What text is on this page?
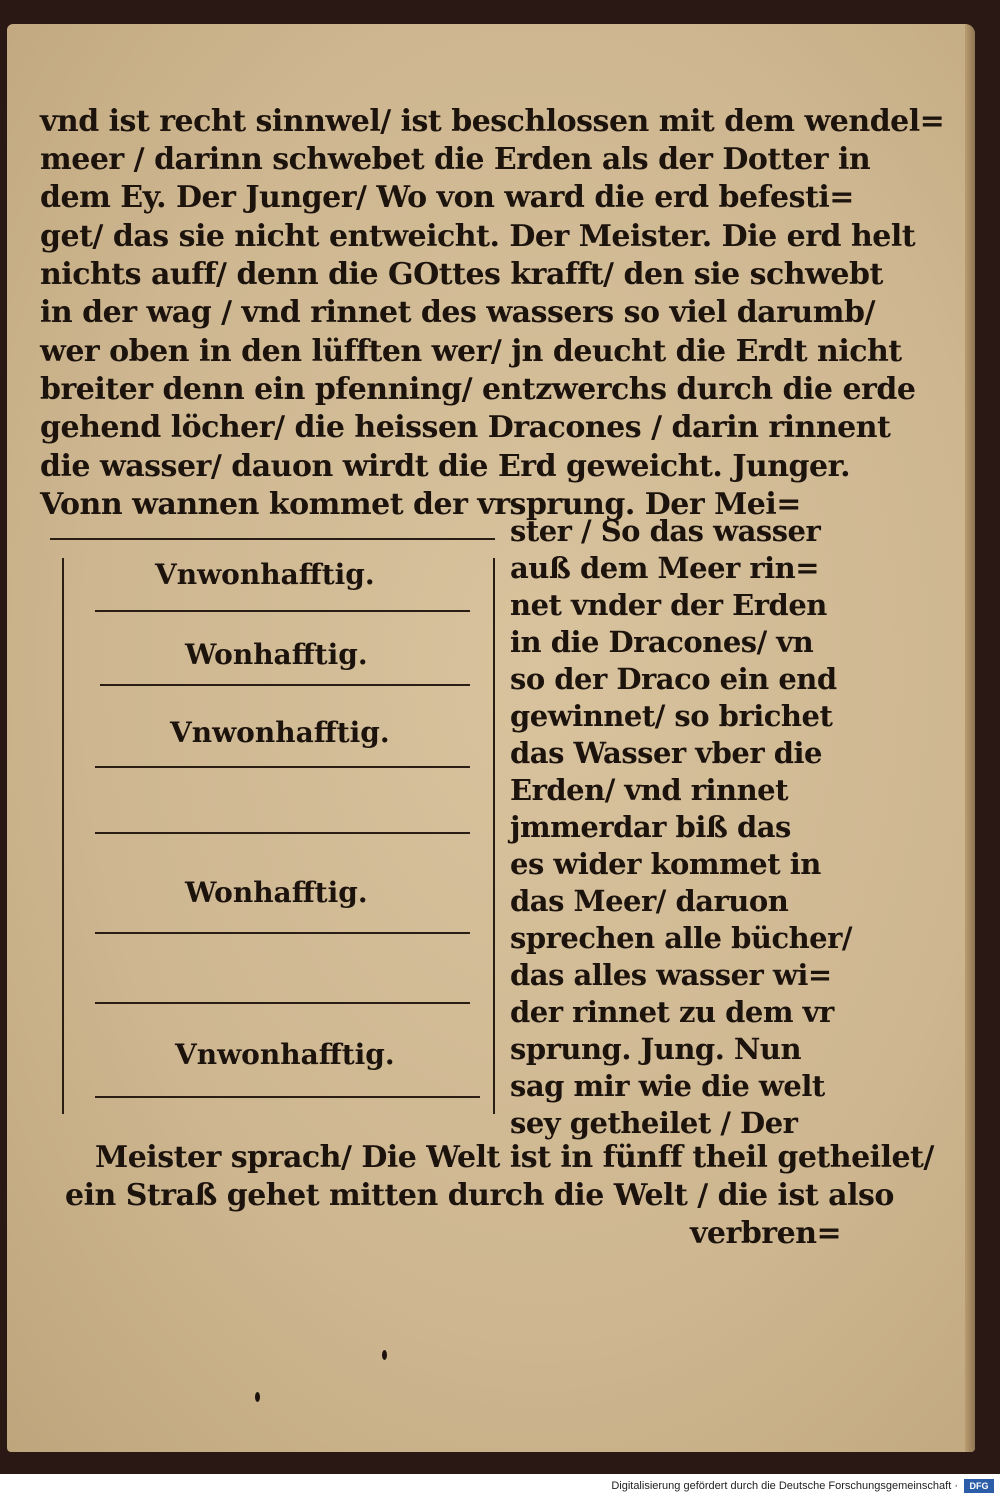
vnd ist recht sinnwel/ ist beschlossen mit dem wendel=
meer / darinn schwebet die Erden als der Dotter in
dem Ey. Der Junger/ Wo von ward die erd befesti=
get/ das sie nicht entweicht. Der Meister. Die erd helt
nichts auff/ denn die GOttes krafft/ den sie schwebt
in der wag / vnd rinnet des wassers so viel darumb/
wer oben in den lüfften wer/ jn deucht die Erdt nicht
breiter denn ein pfenning/ entzwerchs durch die erde
gehend löcher/ die heissen Dracones / darin rinnent
die wasser/ dauon wirdt die Erd geweicht. Junger.
Vonn wannen kommet der vrsprung. Der Mei=
Vnwonhafftig.
Wonhafftig.
Vnwonhafftig.
Wonhafftig.
Vnwonhafftig.
ster / So das wasser
auß dem Meer rin=
net vnder der Erden
in die Dracones/ vn
so der Draco ein end
gewinnet/ so brichet
das Wasser vber die
Erden/ vnd rinnet
jmmerdar biß das
es wider kommet in
das Meer/ daruon
sprechen alle bücher/
das alles wasser wi=
der rinnet zu dem vr
sprung. Jung. Nun
sag mir wie die welt
sey getheilet / Der
Meister sprach/ Die Welt ist in fünff theil getheilet/
ein Straß gehet mitten durch die Welt / die ist also
verbren=
Digitalisierung gefördert durch die Deutsche Forschungsgemeinschaft ·	DFG
